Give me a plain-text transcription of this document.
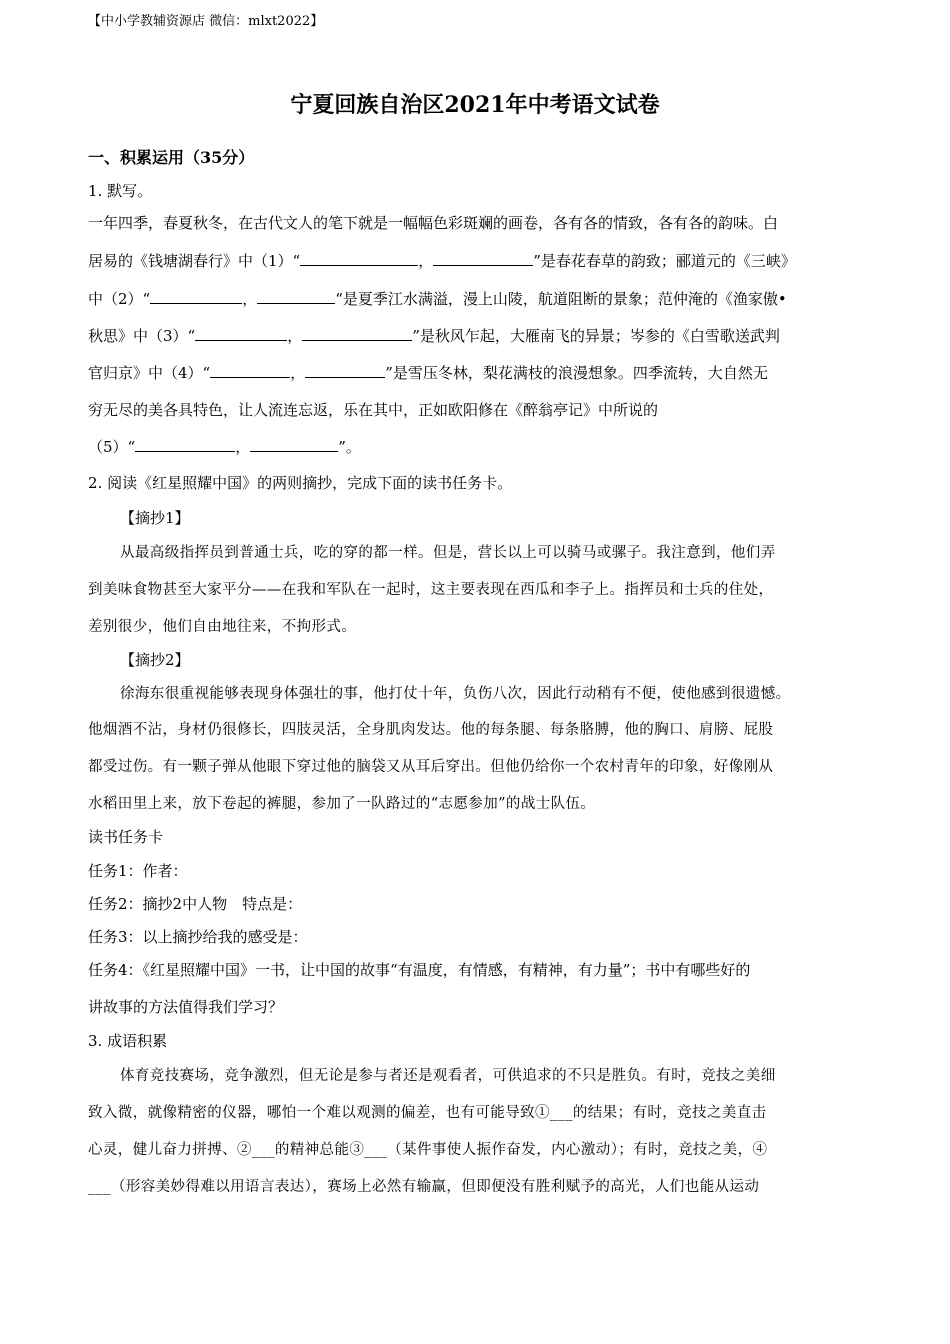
【中小学教辅资源店 微信：mlxt2022】
宁夏回族自治区2021年中考语文试卷
一、积累运用（35分）
1. 默写。
一年四季，春夏秋冬，在古代文人的笔下就是一幅幅色彩斑斓的画卷，各有各的情致，各有各的韵味。白
居易的《钱塘湖春行》中（1）“	，	”是春花春草的韵致；郦道元的《三峡》
中（2）“	，	“是夏季江水满溢，漫上山陵，航道阻断的景象；范仲淹的《渔家傲•
秋思》中（3）“	，	”是秋风乍起，大雁南飞的异景；岑参的《白雪歌送武判
官归京》中（4）“	，	”是雪压冬林，梨花满枝的浪漫想象。四季流转，大自然无
穷无尽的美各具特色，让人流连忘返，乐在其中，正如欧阳修在《醉翁亭记》中所说的
（5）“	，	”。
2. 阅读《红星照耀中国》的两则摘抄，完成下面的读书任务卡。
【摘抄1】
从最高级指挥员到普通士兵，吃的穿的都一样。但是，营长以上可以骑马或骡子。我注意到，他们弄
到美味食物甚至大家平分——在我和军队在一起时，这主要表现在西瓜和李子上。指挥员和士兵的住处，
差别很少，他们自由地往来，不拘形式。
【摘抄2】
徐海东很重视能够表现身体强壮的事，他打仗十年，负伤八次，因此行动稍有不便，使他感到很遗憾。
他烟酒不沾，身材仍很修长，四肢灵活，全身肌肉发达。他的每条腿、每条胳膊，他的胸口、肩膀、屁股
都受过伤。有一颗子弹从他眼下穿过他的脑袋又从耳后穿出。但他仍给你一个农村青年的印象，好像刚从
水稻田里上来，放下卷起的裤腿，参加了一队路过的“志愿参加”的战士队伍。
读书任务卡
任务1：作者：
任务2：摘抄2中人物　特点是：
任务3：以上摘抄给我的感受是：
任务4：《红星照耀中国》一书，让中国的故事“有温度，有情感，有精神，有力量”；书中有哪些好的
讲故事的方法值得我们学习？
3. 成语积累
体育竞技赛场，竞争激烈，但无论是参与者还是观看者，可供追求的不只是胜负。有时，竞技之美细
致入微，就像精密的仪器，哪怕一个难以观测的偏差，也有可能导致①___的结果；有时，竞技之美直击
心灵，健儿奋力拼搏、②___的精神总能③___（某件事使人振作奋发，内心激动）；有时，竞技之美，④
___（形容美妙得难以用语言表达），赛场上必然有输赢，但即便没有胜利赋予的高光，人们也能从运动
